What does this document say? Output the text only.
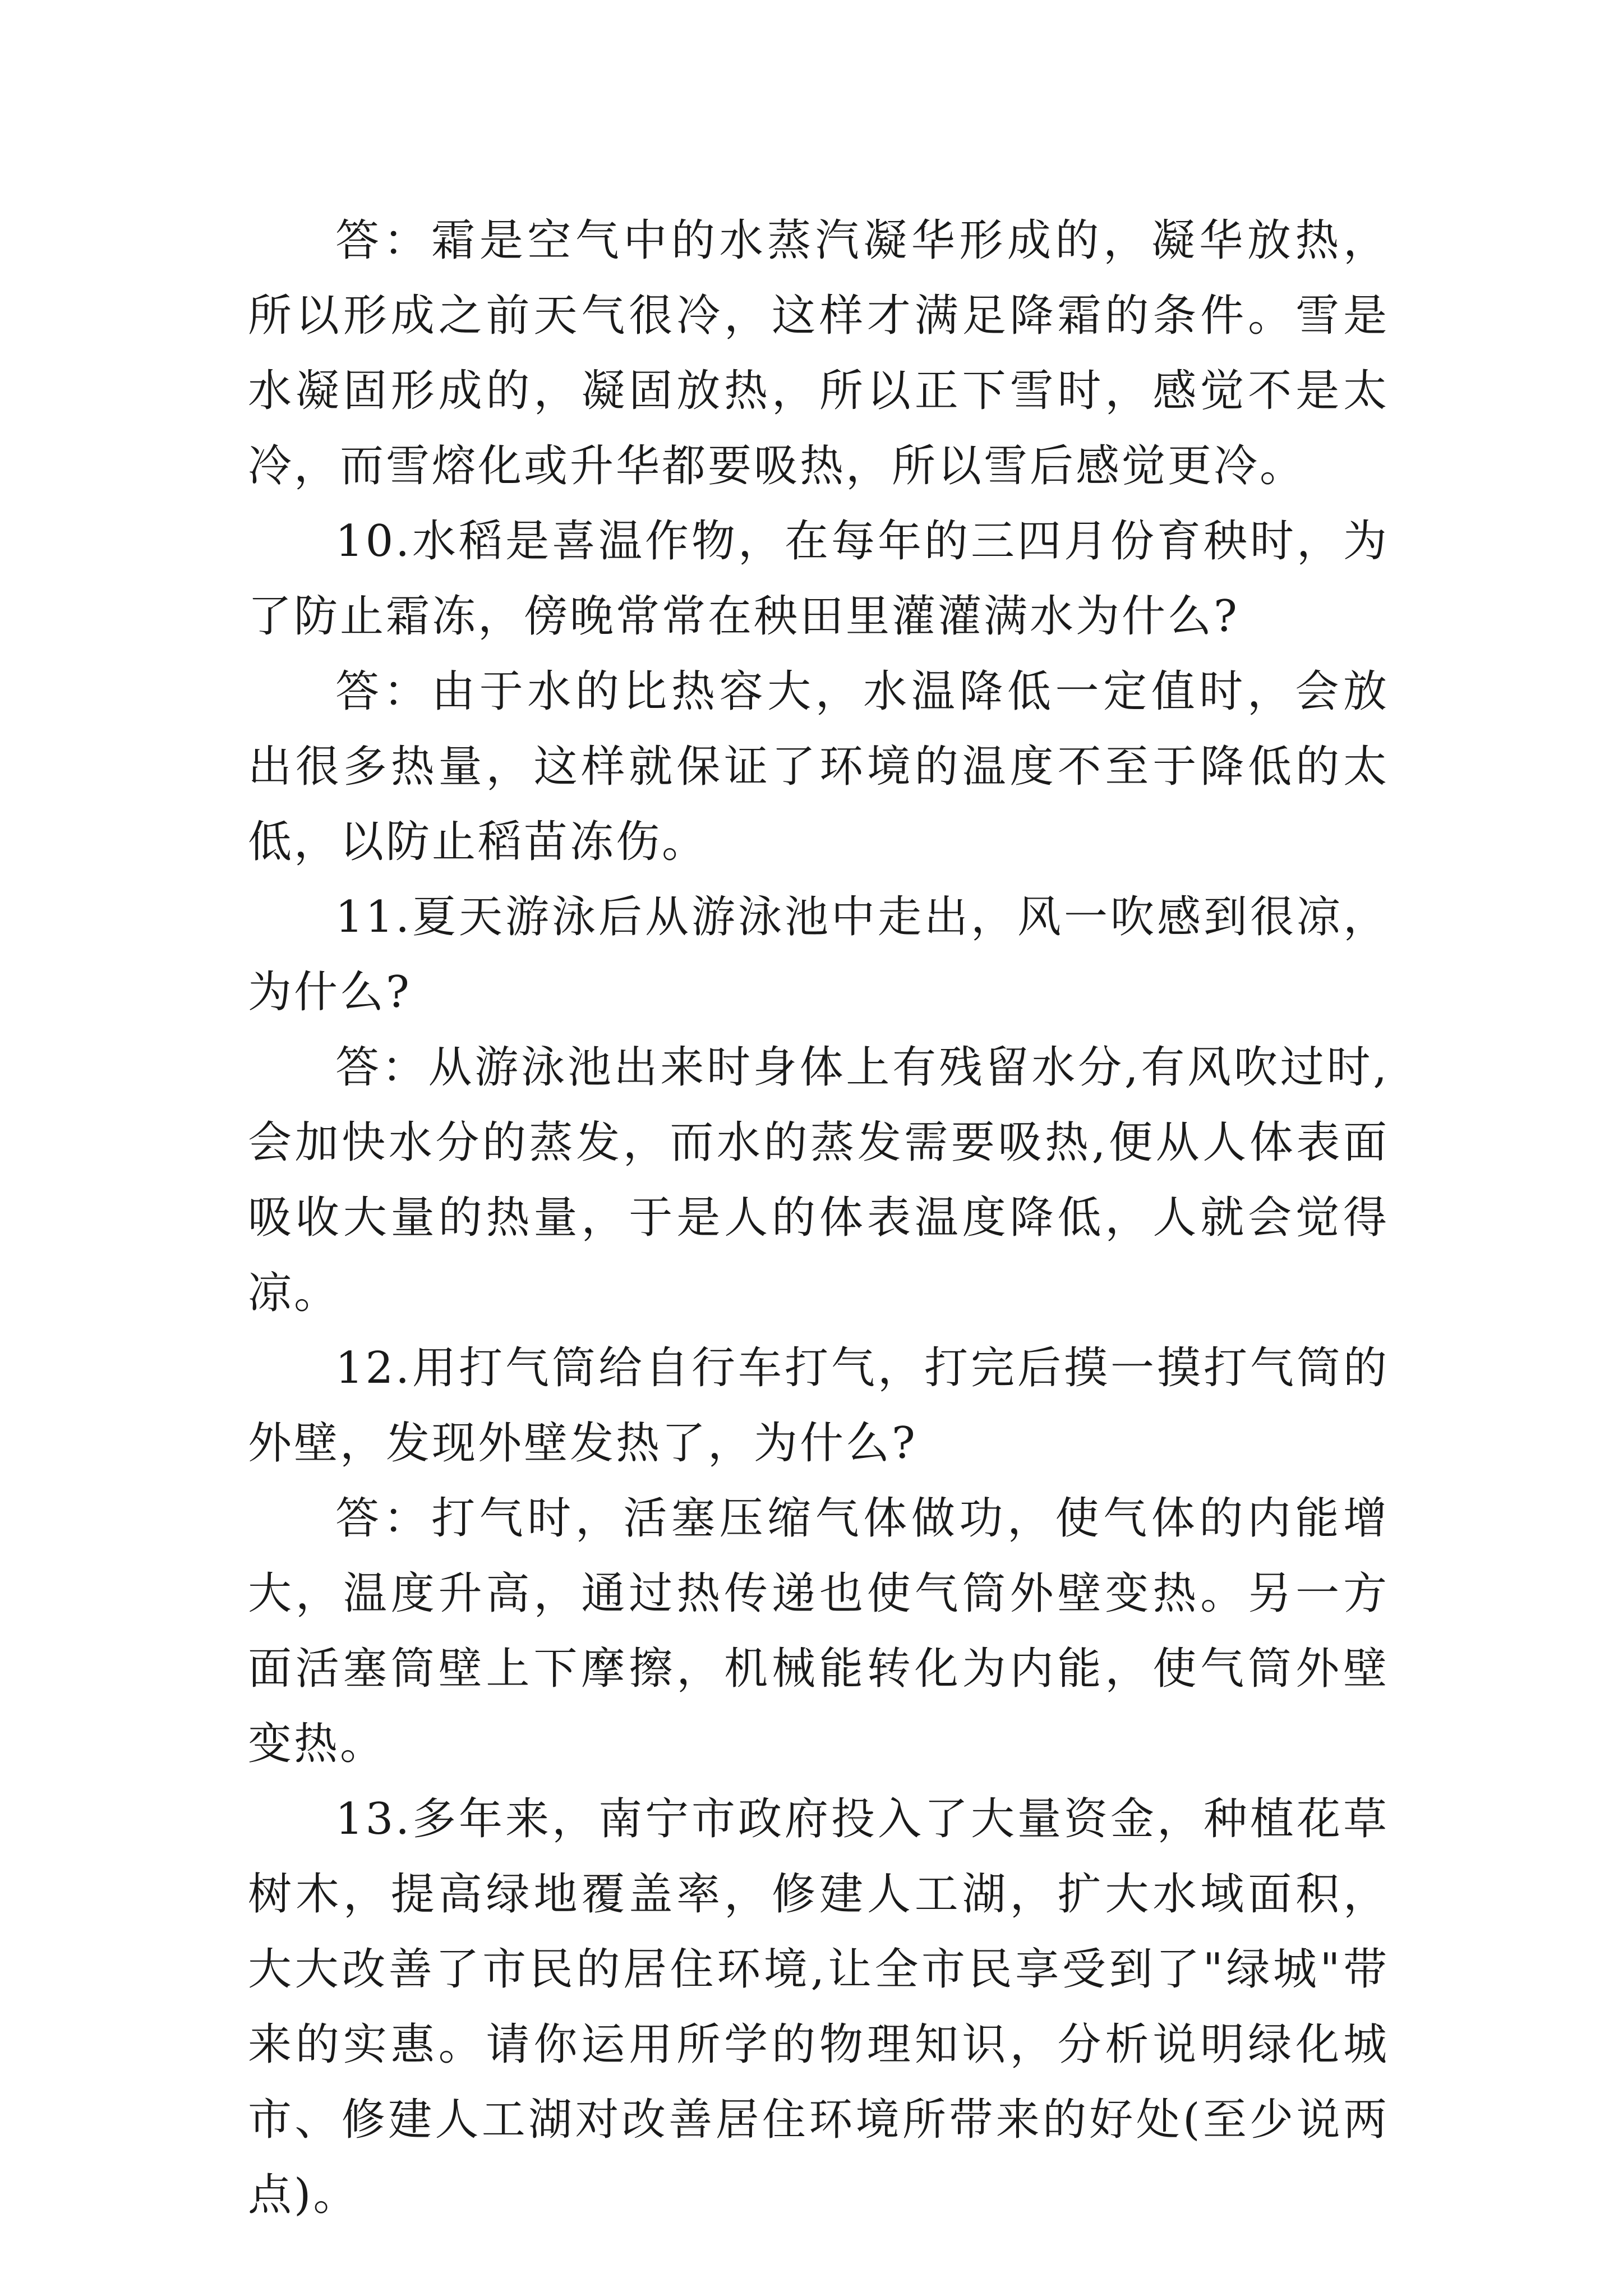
答：霜是空气中的水蒸汽凝华形成的，凝华放热，所以形成之前天气很冷，这样才满足降霜的条件。雪是水凝固形成的，凝固放热，所以正下雪时，感觉不是太冷，而雪熔化或升华都要吸热，所以雪后感觉更冷。

10.水稻是喜温作物，在每年的三四月份育秧时，为了防止霜冻，傍晚常常在秧田里灌灌满水为什么?

答：由于水的比热容大，水温降低一定值时，会放出很多热量，这样就保证了环境的温度不至于降低的太低，以防止稻苗冻伤。

11.夏天游泳后从游泳池中走出，风一吹感到很凉，为什么?

答：从游泳池出来时身体上有残留水分,有风吹过时,会加快水分的蒸发，而水的蒸发需要吸热,便从人体表面吸收大量的热量，于是人的体表温度降低，人就会觉得凉。

12.用打气筒给自行车打气，打完后摸一摸打气筒的外壁，发现外壁发热了，为什么?

答：打气时，活塞压缩气体做功，使气体的内能增大，温度升高，通过热传递也使气筒外壁变热。另一方面活塞筒壁上下摩擦，机械能转化为内能，使气筒外壁变热。

13.多年来，南宁市政府投入了大量资金，种植花草树木，提高绿地覆盖率，修建人工湖，扩大水域面积，大大改善了市民的居住环境,让全市民享受到了"绿城"带来的实惠。请你运用所学的物理知识，分析说明绿化城市、修建人工湖对改善居住环境所带来的好处(至少说两点)。
